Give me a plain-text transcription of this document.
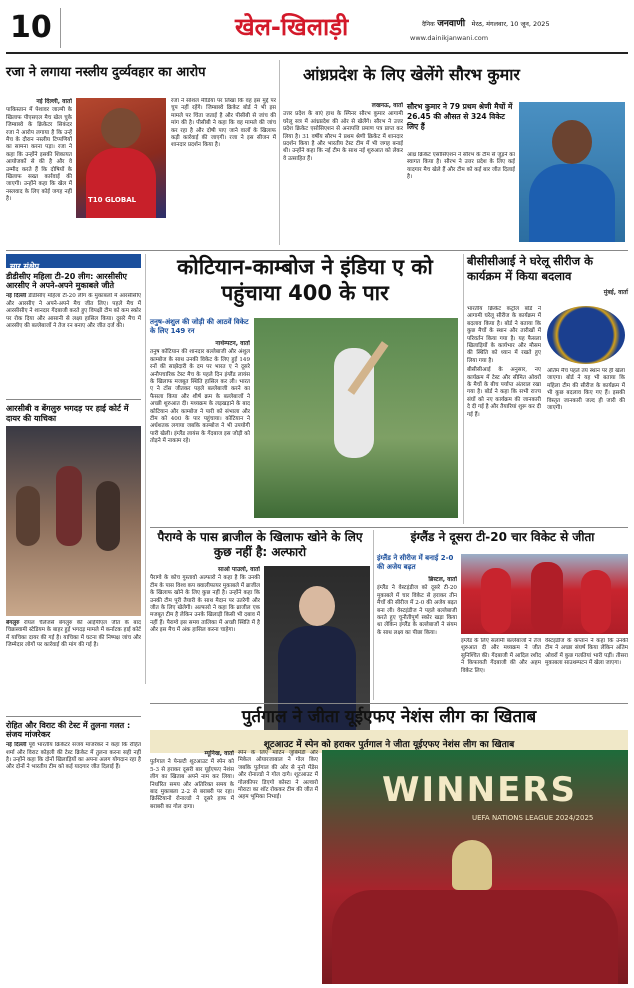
10	खेल-खिलाड़ी	दैनिक जनवाणी मेरठ, मंगलवार, 10 जून, 2025
www.dainikjanwani.com
रजा ने लगाया नस्लीय दुर्व्यवहार का आरोप
T10 GLOBAL
नई दिल्ली, वार्ता

पाकिस्तान में पेशावर जाल्मी के खिलाफ पीएसएल मैच खेल चुके जिम्बाब्वे के क्रिकेटर सिकंदर रजा ने आरोप लगाया है कि उन्हें मैच के दौरान नस्लीय टिप्पणियों का सामना करना पड़ा। रजा ने कहा कि उन्होंने इसकी शिकायत आयोजकों से की है और वे उम्मीद करते हैं कि दोषियों के खिलाफ सख्त कार्रवाई की जाएगी। उन्होंने कहा कि खेल में नस्लवाद के लिए कोई जगह नहीं है।

रजा ने सोशल मीडिया पर लिखा कि वह इस मुद्दे पर चुप नहीं रहेंगे। जिम्बाब्वे क्रिकेट बोर्ड ने भी इस मामले पर चिंता जताई है और पीसीबी से जांच की मांग की है। पीसीबी ने कहा कि वह मामले की जांच कर रहा है और दोषी पाए जाने वालों के खिलाफ कड़ी कार्रवाई की जाएगी। रजा ने इस सीजन में शानदार प्रदर्शन किया है।

आंध्रप्रदेश के लिए खेलेंगे सौरभ कुमार
लखनऊ, वार्ता

उत्तर प्रदेश के बाएं हाथ के स्पिनर सौरभ कुमार आगामी घरेलू सत्र में आंध्रप्रदेश की ओर से खेलेंगे। सौरभ ने उत्तर प्रदेश क्रिकेट एसोसिएशन से अनापत्ति प्रमाण पत्र प्राप्त कर लिया है। 31 वर्षीय सौरभ ने प्रथम श्रेणी क्रिकेट में शानदार प्रदर्शन किया है और भारतीय टेस्ट टीम में भी जगह बनाई थी। उन्होंने कहा कि नई टीम के साथ नई शुरुआत को लेकर वे उत्साहित हैं।

सौरभ कुमार ने 79 प्रथम श्रेणी मैचों में 26.45 की औसत से 324 विकेट लिए हैं

आंध्र क्रिकेट एसोसिएशन ने सौरभ के टीम से जुड़ने का स्वागत किया है। सौरभ ने उत्तर प्रदेश के लिए कई यादगार मैच खेले हैं और टीम को कई बार जीत दिलाई है।

सार संक्षेप
डीडीसीए महिला टी-20 लीग: आरसीसीए आरसीए ने अपने-अपने मुकाबले जीते
नई दिल्ली डीडीसीए महिला टी-20 लीग के मुकाबलों में आरसीसीए और आरसीए ने अपने-अपने मैच जीत लिए। पहले मैच में आरसीसीए ने शानदार गेंदबाजी करते हुए विपक्षी टीम को कम स्कोर पर रोक दिया और आसानी से लक्ष्य हासिल किया। दूसरे मैच में आरसीए की बल्लेबाजों ने तेज रन बनाए और जीत दर्ज की।
आरसीबी व बेंगलुरु भगदड़ पर हाई कोर्ट में दायर की याचिका
बेंगलुरु रॉयल चैलेंजर्स बेंगलुरु की आईपीएल जीत के बाद चिन्नास्वामी स्टेडियम के बाहर हुई भगदड़ मामले में कर्नाटक हाई कोर्ट में याचिका दायर की गई है। याचिका में घटना की निष्पक्ष जांच और जिम्मेदार लोगों पर कार्रवाई की मांग की गई है।
रोहित और विराट की टेस्ट में तुलना गलत : संजय मांजरेकर
नई दिल्ली पूर्व भारतीय क्रिकेटर संजय मांजरेकर ने कहा कि रोहित शर्मा और विराट कोहली की टेस्ट क्रिकेट में तुलना करना सही नहीं है। उन्होंने कहा कि दोनों खिलाड़ियों का अपना अलग योगदान रहा है और दोनों ने भारतीय टीम को कई यादगार जीत दिलाई हैं।
कोटियान-काम्बोज ने इंडिया ए को पहुंचाया 400 के पार
तनुष-अंशुल की जोड़ी की आठवें विकेट के लिए 149 रन
नार्थम्पटन, वार्ता

तनुष कोटियान की शानदार बल्लेबाजी और अंशुल काम्बोज के साथ उनकी विकेट के लिए हुई 149 रनों की साझेदारी के दम पर भारत ए ने दूसरे अनौपचारिक टेस्ट मैच के पहले दिन इंग्लैंड लायंस के खिलाफ मजबूत स्थिति हासिल कर ली। भारत ए ने टॉस जीतकर पहले बल्लेबाजी करने का फैसला किया और शीर्ष क्रम के बल्लेबाजों ने अच्छी शुरुआत दी। मध्यक्रम के लड़खड़ाने के बाद कोटियान और काम्बोज ने पारी को संभाला और टीम को 400 के पार पहुंचाया। कोटियान ने अर्धशतक लगाया जबकि काम्बोज ने भी उपयोगी पारी खेली। इंग्लैंड लायंस के गेंदबाज इस जोड़ी को तोड़ने में नाकाम रहे।

बीसीसीआई ने घरेलू सीरीज के कार्यक्रम में किया बदलाव
मुंबई, वार्ता

भारतीय क्रिकेट कंट्रोल बोर्ड ने आगामी घरेलू सीरीज के कार्यक्रम में बदलाव किया है। बोर्ड ने बताया कि कुछ मैचों के स्थान और तारीखों में परिवर्तन किया गया है। यह फैसला खिलाड़ियों के कार्यभार और मौसम की स्थिति को ध्यान में रखते हुए लिया गया है।

बीसीसीआई के अनुसार, नए कार्यक्रम में टेस्ट और सीमित ओवरों के मैचों के बीच पर्याप्त अंतराल रखा गया है। बोर्ड ने कहा कि सभी राज्य संघों को नए कार्यक्रम की जानकारी दे दी गई है और तैयारियां शुरू कर दी गई हैं।

अंतिम मैच पहले तय स्थान पर ही खेला जाएगा। बोर्ड ने यह भी बताया कि महिला टीम की सीरीज के कार्यक्रम में भी कुछ बदलाव किए गए हैं। इसकी विस्तृत जानकारी जल्द ही जारी की जाएगी।

पैराग्वे के पास ब्राजील के खिलाफ खोने के लिए कुछ नहीं है: अल्फारो
साओ पाउलो, वार्ता

पैराग्वे के कोच गुस्तावो अल्फारो ने कहा है कि उनकी टीम के पास विश्व कप क्वालीफायर मुकाबले में ब्राजील के खिलाफ खोने के लिए कुछ नहीं है। उन्होंने कहा कि उनकी टीम पूरी तैयारी के साथ मैदान पर उतरेगी और जीत के लिए खेलेगी। अल्फारो ने कहा कि ब्राजील एक मजबूत टीम है लेकिन उनके खिलाड़ी किसी भी दबाव में नहीं हैं। पैराग्वे इस समय तालिका में अच्छी स्थिति में है और इस मैच में अंक हासिल करना चाहेगा।

इंग्लैंड ने दूसरा टी-20 चार विकेट से जीता
इंग्लैंड ने सीरीज में बनाई 2-0 की अजेय बढ़त
ब्रिस्टल, वार्ता

इंग्लैंड ने वेस्टइंडीज को दूसरे टी-20 मुकाबले में चार विकेट से हराकर तीन मैचों की सीरीज में 2-0 की अजेय बढ़त बना ली। वेस्टइंडीज ने पहले बल्लेबाजी करते हुए चुनौतीपूर्ण स्कोर खड़ा किया था लेकिन इंग्लैंड के बल्लेबाजों ने संयम के साथ लक्ष्य का पीछा किया।

इंग्लैंड के लिए सलामी बल्लेबाजों ने तेज शुरुआत दी और मध्यक्रम ने जीत सुनिश्चित की। गेंदबाजी में आदिल रशीद ने किफायती गेंदबाजी की और अहम विकेट लिए।

वेस्टइंडीज के कप्तान ने कहा कि उनकी टीम ने अच्छा संघर्ष किया लेकिन अंतिम ओवरों में कुछ गलतियां भारी पड़ीं। तीसरा मुकाबला साउथम्पटन में खेला जाएगा।

पुर्तगाल ने जीता यूईएफए नेशंस लीग का खिताब
शूटआउट में स्पेन को हराकर पुर्तगाल ने जीता यूईएफए नेशंस लीग का खिताब
म्यूनिख, वार्ता

पुर्तगाल ने पेनल्टी शूटआउट में स्पेन को 5-3 से हराकर दूसरी बार यूईएफए नेशंस लीग का खिताब अपने नाम कर लिया। निर्धारित समय और अतिरिक्त समय के बाद मुकाबला 2-2 से बराबरी पर रहा। क्रिस्टियानो रोनाल्डो ने दूसरे हाफ में बराबरी का गोल दागा।

स्पेन के लिए मार्टिन जुबिमेंडी और मिकेल ओयारजाबाल ने गोल किए जबकि पुर्तगाल की ओर से नूनो मेंडेस और रोनाल्डो ने गोल दागे। शूटआउट में गोलकीपर डिएगो कोस्टा ने अल्वारो मोराटा का शॉट रोककर टीम की जीत में अहम भूमिका निभाई।	WINNERS
UEFA NATIONS LEAGUE 2024/2025
